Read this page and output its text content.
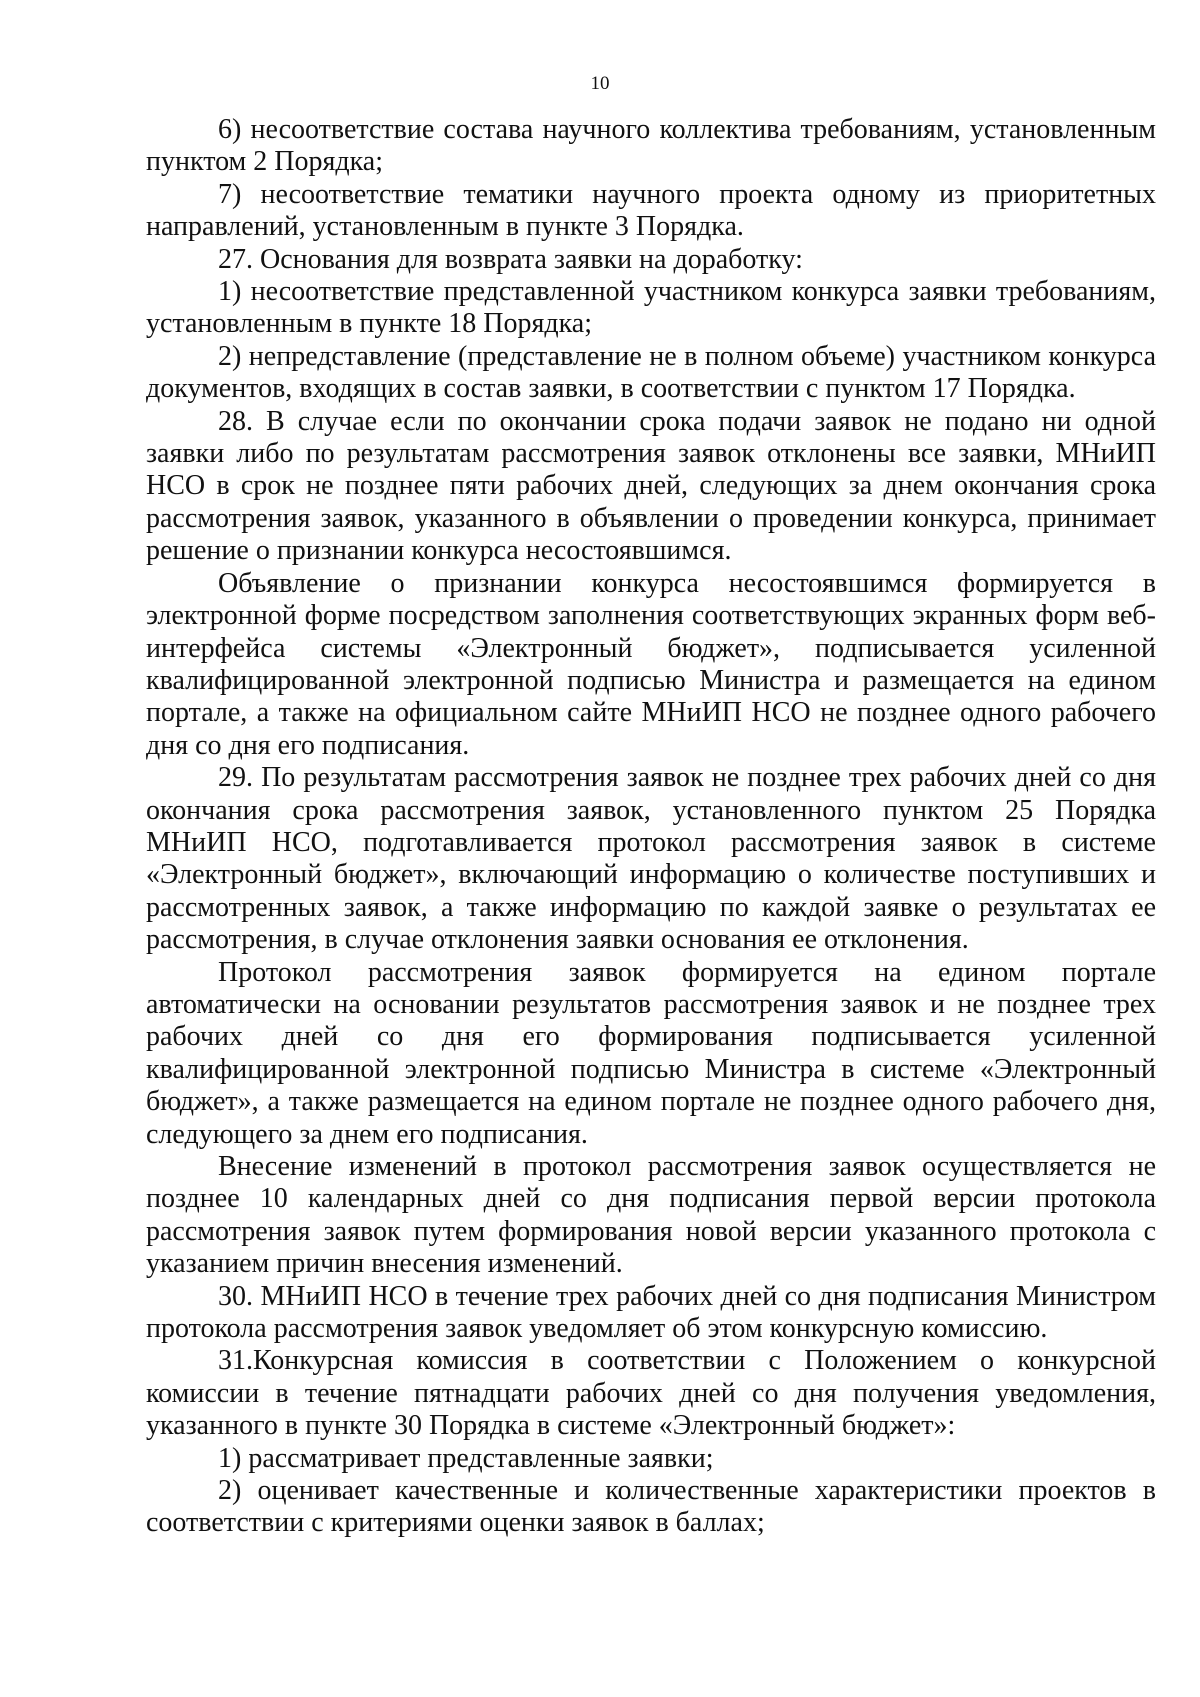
10

6) несоответствие состава научного коллектива требованиям, установленным пунктом 2 Порядка;

7) несоответствие тематики научного проекта одному из приоритетных направлений, установленным в пункте 3 Порядка.

27. Основания для возврата заявки на доработку:

1) несоответствие представленной участником конкурса заявки требованиям, установленным в пункте 18 Порядка;

2) непредставление (представление не в полном объеме) участником конкурса документов, входящих в состав заявки, в соответствии с пунктом 17 Порядка.

28. В случае если по окончании срока подачи заявок не подано ни одной заявки либо по результатам рассмотрения заявок отклонены все заявки, МНиИП НСО в срок не позднее пяти рабочих дней, следующих за днем окончания срока рассмотрения заявок, указанного в объявлении о проведении конкурса, принимает решение о признании конкурса несостоявшимся.

Объявление о признании конкурса несостоявшимся формируется в электронной форме посредством заполнения соответствующих экранных форм веб-интерфейса системы «Электронный бюджет», подписывается усиленной квалифицированной электронной подписью Министра и размещается на едином портале, а также на официальном сайте МНиИП НСО не позднее одного рабочего дня со дня его подписания.

29. По результатам рассмотрения заявок не позднее трех рабочих дней со дня окончания срока рассмотрения заявок, установленного пунктом 25 Порядка МНиИП НСО, подготавливается протокол рассмотрения заявок в системе «Электронный бюджет», включающий информацию о количестве поступивших и рассмотренных заявок, а также информацию по каждой заявке о результатах ее рассмотрения, в случае отклонения заявки основания ее отклонения.

Протокол рассмотрения заявок формируется на едином портале автоматически на основании результатов рассмотрения заявок и не позднее трех рабочих дней со дня его формирования подписывается усиленной квалифицированной электронной подписью Министра в системе «Электронный бюджет», а также размещается на едином портале не позднее одного рабочего дня, следующего за днем его подписания.

Внесение изменений в протокол рассмотрения заявок осуществляется не позднее 10 календарных дней со дня подписания первой версии протокола рассмотрения заявок путем формирования новой версии указанного протокола с указанием причин внесения изменений.

30. МНиИП НСО в течение трех рабочих дней со дня подписания Министром протокола рассмотрения заявок уведомляет об этом конкурсную комиссию.

31.Конкурсная комиссия в соответствии с Положением о конкурсной комиссии в течение пятнадцати рабочих дней со дня получения уведомления, указанного в пункте 30 Порядка в системе «Электронный бюджет»:

1) рассматривает представленные заявки;

2) оценивает качественные и количественные характеристики проектов в соответствии с критериями оценки заявок в баллах;
